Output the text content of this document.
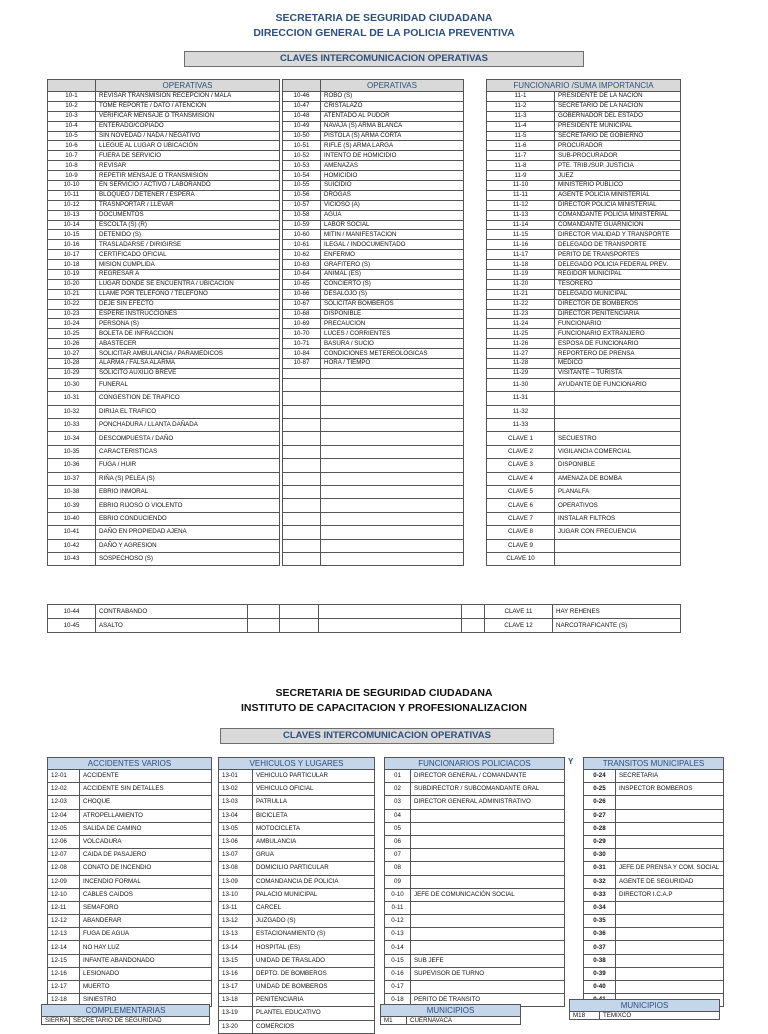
SECRETARIA DE SEGURIDAD CIUDADANA
DIRECCION GENERAL DE LA POLICIA PREVENTIVA
CLAVES INTERCOMUNICACION OPERATIVAS
	OPERATIVAS
10-1	REVISAR TRANSMISION RECEPCION / MALA
10-2	TOME REPORTE / DATO / ATENCION
10-3	VERIFICAR MENSAJE O TRANSMISION
10-4	ENTERADO/COPIADO
10-5	SIN NOVEDAD / NADA / NEGATIVO
10-6	LLEGUE AL LUGAR O UBICACIÓN
10-7	FUERA DE SERVICIO
10-8	REVISAR
10-9	REPETIR MENSAJE O TRANSMISION
10-10	EN SERVICIO / ACTIVO / LABORANDO
10-11	BLOQUEO / DETENER / ESPERA
10-12	TRASNPORTAR / LLEVAR
10-13	DOCUMENTOS
10-14	ESCOLTA (S) (R)
10-15	DETENIDO (S)
10-16	TRASLADARSE / DIRIGIRSE
10-17	CERTIFICADO OFICIAL
10-18	MISION CUMPLIDA
10-19	REGRESAR A
10-20	LUGAR DONDE SE ENCUENTRA / UBICACIÓN
10-21	LLAME POR TELEFONO / TELEFONO
10-22	DEJE SIN EFECTO
10-23	ESPERE INSTRUCCIONES
10-24	PERSONA (S)
10-25	BOLETA DE INFRACCION
10-26	ABASTECER
10-27	SOLICITAR AMBULANCIA / PARAMEDICOS
10-28	ALARMA / FALSA ALARMA
10-29	SOLICITO AUXILIO BREVE
10-30	FUNERAL
10-31	CONGESTION DE TRAFICO
10-32	DIRIJA EL TRAFICO
10-33	PONCHADURA / LLANTA DAÑADA
10-34	DESCOMPUESTA / DAÑO
10-35	CARACTERISTICAS
10-36	FUGA / HUIR
10-37	RIÑA (S) PELEA (S)
10-38	EBRIO INMORAL
10-39	EBRIO RIJOSO O VIOLENTO
10-40	EBRIO CONDUCIENDO
10-41	DAÑO EN PROPIEDAD AJENA
10-42	DAÑO Y AGRESION
10-43	SOSPECHOSO (S)
	OPERATIVAS
10-46	ROBO (S)
10-47	CRISTALAZO
10-48	ATENTADO AL PUDOR
10-49	NAVAJA (S) ARMA BLANCA
10-50	PISTOLA (S) ARMA CORTA
10-51	RIFLE (S) ARMA LARGA
10-52	INTENTO DE HOMICIDIO
10-53	AMENAZAS
10-54	HOMICIDIO
10-55	SUICIDIO
10-56	DROGAS
10-57	VICIOSO (A)
10-58	AGUA
10-59	LABOR SOCIAL
10-60	MITIN / MANIFESTACION
10-61	ILEGAL / INDOCUMENTADO
10-62	ENFERMO
10-63	GRAFITERO (S)
10-64	ANIMAL (ES)
10-65	CONCIERTO (S)
10-66	DESALOJO (S)
10-67	SOLICITAR BOMBEROS
10-68	DISPONIBLE
10-69	PRECAUCION
10-70	LUCES / CORRIENTES
10-71	BASURA / SUCIO
10-84	CONDICIONES METEREOLOGICAS
10-87	HORA / TIEMPO

FUNCIONARIO /SUMA IMPORTANCIA	
11-1	PRESIDENTE DE LA NACION
11-2	SECRETARIO DE LA NACION
11-3	GOBERNADOR DEL ESTADO
11-4	PRESIDENTE MUNICIPAL
11-5	SECRETARIO DE GOBIERNO
11-6	PROCURADOR
11-7	SUB-PROCURADOR
11-8	PTE. TRIB./SUP. JUSTICIA
11-9	JUEZ
11-10	MINISTERIO PUBLICO
11-11	AGENTE POLICIA MINISTERIAL
11-12	DIRECTOR POLICIA MINISTERIAL
11-13	COMANDANTE POLICIA MINISTERIAL
11-14	COMANDANTE GUARNICION
11-15	DIRECTOR VIALIDAD Y TRANSPORTE
11-16	DELEGADO DE TRANSPORTE
11-17	PERITO DE TRANSPORTES
11-18	DELEGADO POLICIA FEDERAL PREV.
11-19	REGIDOR MUNICIPAL
11-20	TESORERO
11-21	DELEGADO MUNICIPAL
11-22	DIRECTOR DE BOMBEROS
11-23	DIRECTOR PENITENCIARIA
11-24	FUNCIONARIO
11-25	FUNCIONARIO EXTRANJERO
11-26	ESPOSA DE FUNCIONARIO
11-27	REPORTERO DE PRENSA
11-28	MEDICO
11-29	VISITANTE – TURISTA
11-30	AYUDANTE DE FUNCIONARIO
11-31	
11-32	
11-33	
CLAVE 1	SECUESTRO
CLAVE 2	VIGILANCIA COMERCIAL
CLAVE 3	DISPONIBLE
CLAVE 4	AMENAZA DE BOMBA
CLAVE 5	PLANALFA
CLAVE 6	OPERATIVOS
CLAVE 7	INSTALAR FILTROS
CLAVE 8	JUGAR CON FRECUENCIA
CLAVE 9	
CLAVE 10	
10-44	CONTRABANDO					CLAVE 11	HAY REHENES
10-45	ASALTO					CLAVE 12	NARCOTRAFICANTE (S)
SECRETARIA DE SEGURIDAD CIUDADANA
INSTITUTO DE CAPACITACION Y PROFESIONALIZACION
CLAVES INTERCOMUNICACION OPERATIVAS
ACCIDENTES VARIOS	
12-01	ACCIDENTE
12-02	ACCIDENTE SIN DETALLES
12-03	CHOQUE
12-04	ATROPELLAMIENTO
12-05	SALIDA DE CAMINO
12-06	VOLCADURA
12-07	CAIDA DE PASAJERO
12-08	CONATO DE INCENDIO
12-09	INCENDIO FORMAL
12-10	CABLES CAIDOS
12-11	SEMAFORO
12-12	ABANDERAR
12-13	FUGA DE AGUA
12-14	NO HAY LUZ
12-15	INFANTE ABANDONADO
12-16	LESIONADO
12-17	MUERTO
12-18	SINIESTRO
VEHICULOS Y LUGARES	
13-01	VEHICULO PARTICULAR
13-02	VEHICULO OFICIAL
13-03	PATRULLA
13-04	BICICLETA
13-05	MOTOCICLETA
13-06	AMBULANCIA
13-07	GRUA
13-08	DOMICILIO PARTICULAR
13-09	COMANDANCIA DE POLICIA
13-10	PALACIO MUNICIPAL
13-11	CARCEL
13-12	JUZGADO (S)
13-13	ESTACIONAMIENTO (S)
13-14	HOSPITAL (ES)
13-15	UNIDAD DE TRASLADO
13-16	DEPTO. DE BOMBEROS
13-17	UNIDAD DE BOMBEROS
13-18	PENITENCIARIA
13-19	PLANTEL EDUCATIVO
13-20	COMERCIOS
FUNCIONARIOS POLICIACOS	
01	DIRECTOR GENERAL / COMANDANTE
02	SUBDIRECTOR / SUBCOMANDANTE GRAL
03	DIRECTOR GENERAL ADMINISTRATIVO
04	
05	
06	
07	
08	
09	
0-10	JEFE DE COMUNICACIÓN SOCIAL
0-11	
0-12	
0-13	
0-14	
0-15	SUB JEFE
0-16	SUPEVISOR DE TURNO
0-17	
0-18	PERITO DE TRANSITO
Y	TRANSITOS MUNICIPALES	
0-24	SECRETARIA
0-25	INSPECTOR BOMBEROS
0-26	
0-27	
0-28	
0-29	
0-30	
0-31	JEFE DE PRENSA Y COM. SOCIAL
0-32	AGENTE DE SEGURIDAD
0-33	DIRECTOR I.C.A.P
0-34	
0-35	
0-36	
0-37	
0-38	
0-39	
0-40	

COMPLEMENTARIAS
SIERRA	SECRETARIO DE SEGURIDAD
MUNICIPIOS
M1	CUERNAVACA
MUNICIPIOS
M18	TEMIXCO
